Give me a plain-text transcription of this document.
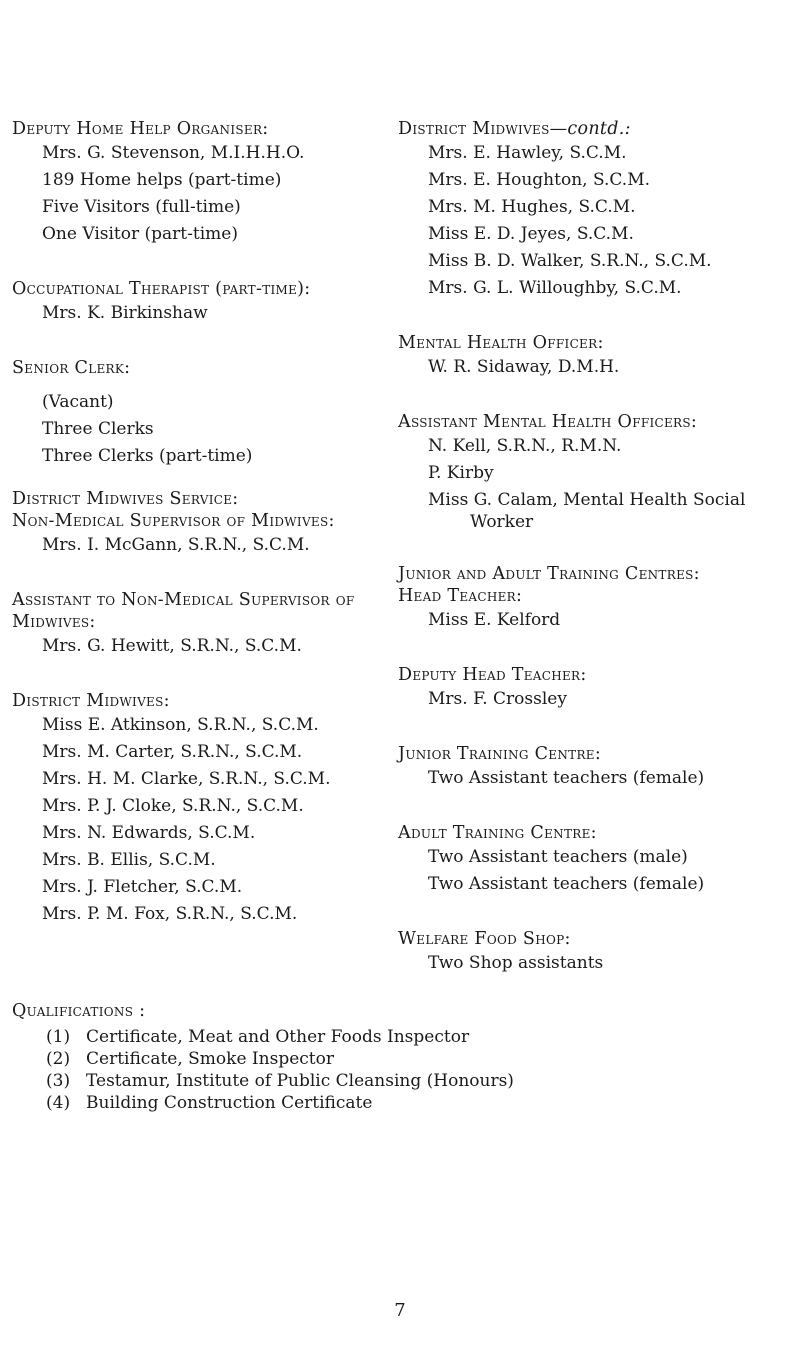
Deputy Home Help Organiser:

Mrs. G. Stevenson, M.I.H.H.O.

189 Home helps (part-time)

Five Visitors (full-time)

One Visitor (part-time)

Occupational Therapist (part-time):

Mrs. K. Birkinshaw

Senior Clerk:

(Vacant)

Three Clerks

Three Clerks (part-time)

District Midwives Service:

Non-Medical Supervisor of Midwives:

Mrs. I. McGann, S.R.N., S.C.M.

Assistant to Non-Medical Supervisor of

Midwives:

Mrs. G. Hewitt, S.R.N., S.C.M.

District Midwives:

Miss E. Atkinson, S.R.N., S.C.M.

Mrs. M. Carter, S.R.N., S.C.M.

Mrs. H. M. Clarke, S.R.N., S.C.M.

Mrs. P. J. Cloke, S.R.N., S.C.M.

Mrs. N. Edwards, S.C.M.

Mrs. B. Ellis, S.C.M.

Mrs. J. Fletcher, S.C.M.

Mrs. P. M. Fox, S.R.N., S.C.M.

District Midwives—contd.:

Mrs. E. Hawley, S.C.M.

Mrs. E. Houghton, S.C.M.

Mrs. M. Hughes, S.C.M.

Miss E. D. Jeyes, S.C.M.

Miss B. D. Walker, S.R.N., S.C.M.

Mrs. G. L. Willoughby, S.C.M.

Mental Health Officer:

W. R. Sidaway, D.M.H.

Assistant Mental Health Officers:

N. Kell, S.R.N., R.M.N.

P. Kirby

Miss G. Calam, Mental Health Social
Worker

Junior and Adult Training Centres:

Head Teacher:

Miss E. Kelford

Deputy Head Teacher:

Mrs. F. Crossley

Junior Training Centre:

Two Assistant teachers (female)

Adult Training Centre:

Two Assistant teachers (male)

Two Assistant teachers (female)

Welfare Food Shop:

Two Shop assistants

Qualifications :

(1) Certificate, Meat and Other Foods Inspector
(2) Certificate, Smoke Inspector
(3) Testamur, Institute of Public Cleansing (Honours)
(4) Building Construction Certificate
7
